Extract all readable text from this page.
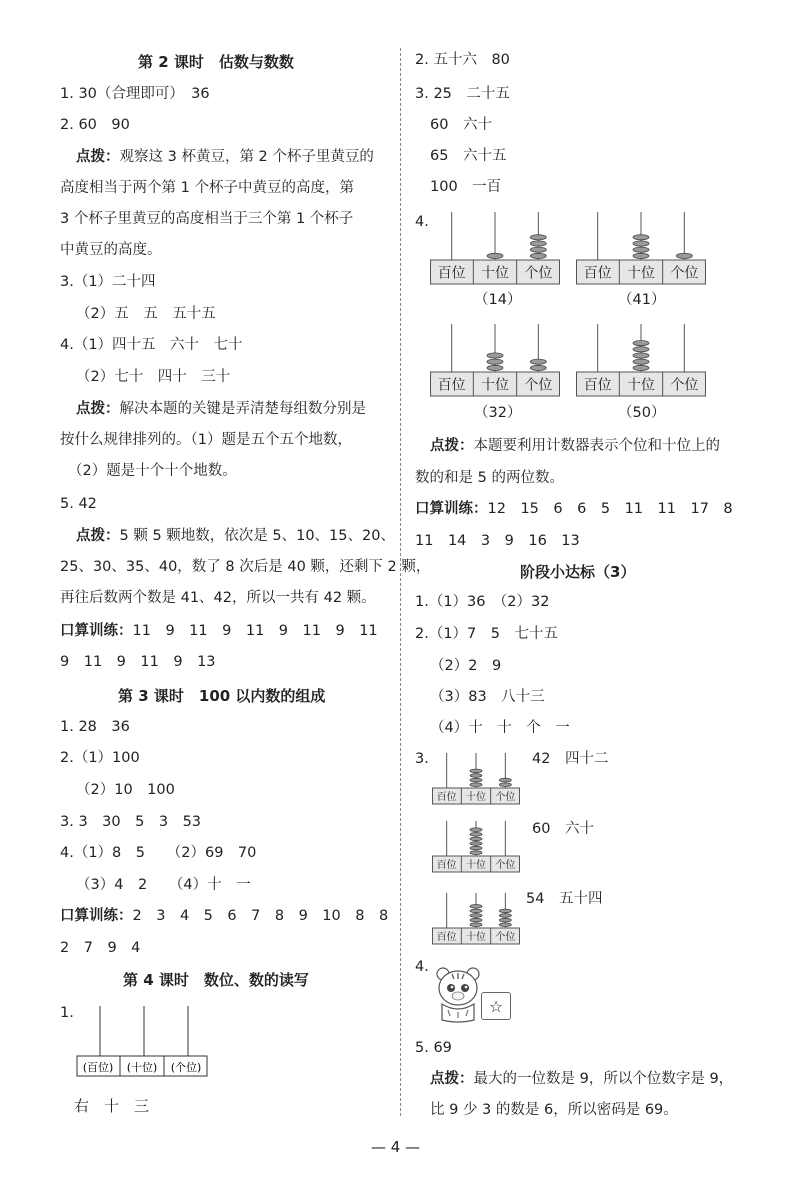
第 2 课时　估数与数数
1. 30（合理即可）　36
2. 60　90
点拨：观察这 3 杯黄豆，第 2 个杯子里黄豆的
高度相当于两个第 1 个杯子中黄豆的高度，第
3 个杯子里黄豆的高度相当于三个第 1 个杯子
中黄豆的高度。
3.（1）二十四
（2）五　五　五十五
4.（1）四十五　六十　七十
（2）七十　四十　三十
点拨：解决本题的关键是弄清楚每组数分别是
按什么规律排列的。（1）题是五个五个地数，
（2）题是十个十个地数。
5. 42
点拨：5 颗 5 颗地数，依次是 5、10、15、20、
25、30、35、40，数了 8 次后是 40 颗，还剩下 2 颗，
再往后数两个数是 41、42，所以一共有 42 颗。
口算训练：11　9　11　9　11　9　11　9　11
9　11　9　11　9　13
第 3 课时　100 以内数的组成
1. 28　36
2.（1）100
（2）10　100
3. 3　30　5　3　53
4.（1）8　5　　（2）69　70
（3）4　2　　（4）十　一
口算训练：2　3　4　5　6　7　8　9　10　8　8
2　7　9　4
第 4 课时　数位、数的读写
1.
(百位) (十位) (个位)
右　十　三
2. 五十六　80
3. 25　二十五
60　六十
65　六十五
100　一百
4.
百位 十位 个位
（14）
百位 十位 个位
（41）
百位 十位 个位
（32）
百位 十位 个位
（50）
点拨：本题要利用计数器表示个位和十位上的
数的和是 5 的两位数。
口算训练：12　15　6　6　5　11　11　17　8
11　14　3　9　16　13
阶段小达标（3）
1.（1）36　（2）32
2.（1）7　5　七十五
（2）2　9
（3）83　八十三
（4）十　十　个　一
3.
百位 十位 个位
42　四十二
百位 十位 个位
60　六十
百位 十位 个位
54　五十四
4.
☆
5. 69
点拨：最大的一位数是 9，所以个位数字是 9，
比 9 少 3 的数是 6，所以密码是 69。
— 4 —
